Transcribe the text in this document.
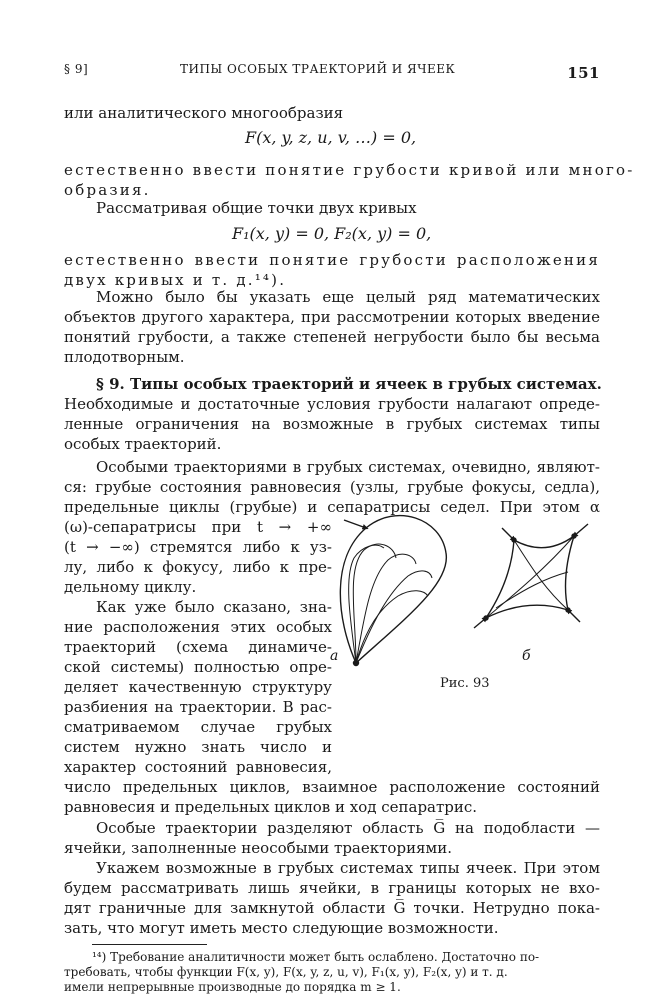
§ 9]	ТИПЫ ОСОБЫХ ТРАЕКТОРИЙ И ЯЧЕЕК	151
или аналитического многообразия
F(x, y, z, u, v, …) = 0,
естественно ввести понятие грубости кривой или много-
образия.
Рассматривая общие точки двух кривых
F₁(x, y) = 0, F₂(x, y) = 0,
естественно ввести понятие грубости расположения
двух кривых и т. д.¹⁴).
Можно было бы указать еще целый ряд математических
объектов другого характера, при рассмотрении которых введение
понятий грубости, а также степеней негрубости было бы весьма
плодотворным.
§ 9. Типы особых траекторий и ячеек в грубых системах.
Необходимые и достаточные условия грубости налагают опреде-
ленные ограничения на возможные в грубых системах типы
особых траекторий.
Особыми траекториями в грубых системах, очевидно, являют-
ся: грубые состояния равновесия (узлы, грубые фокусы, седла),
предельные циклы (грубые) и сепаратрисы седел. При этом α
(ω)-сепаратрисы при t → +∞
(t → −∞) стремятся либо к уз-
лу, либо к фокусу, либо к пре-
дельному циклу.
Как уже было сказано, зна-
ние расположения этих особых
траекторий (схема динамиче-
ской системы) полностью опре-
деляет качественную структуру
разбиения на траектории. В рас-
сматриваемом случае грубых
систем нужно знать число и
характер состояний равновесия,
число предельных циклов, взаимное расположение состояний
равновесия и предельных циклов и ход сепаратрис.
Особые траектории разделяют область G̅ на подобласти —
ячейки, заполненные неособыми траекториями.
Укажем возможные в грубых системах типы ячеек. При этом
будем рассматривать лишь ячейки, в границы которых не вхо-
дят граничные для замкнутой области G̅ точки. Нетрудно пока-
зать, что могут иметь место следующие возможности.
¹⁴) Требование аналитичности может быть ослаблено. Достаточно по-
требовать, чтобы функции F(x, y), F(x, y, z, u, v), F₁(x, y), F₂(x, y) и т. д.
имели непрерывные производные до порядка m ≥ 1.
а	б
Рис. 93
